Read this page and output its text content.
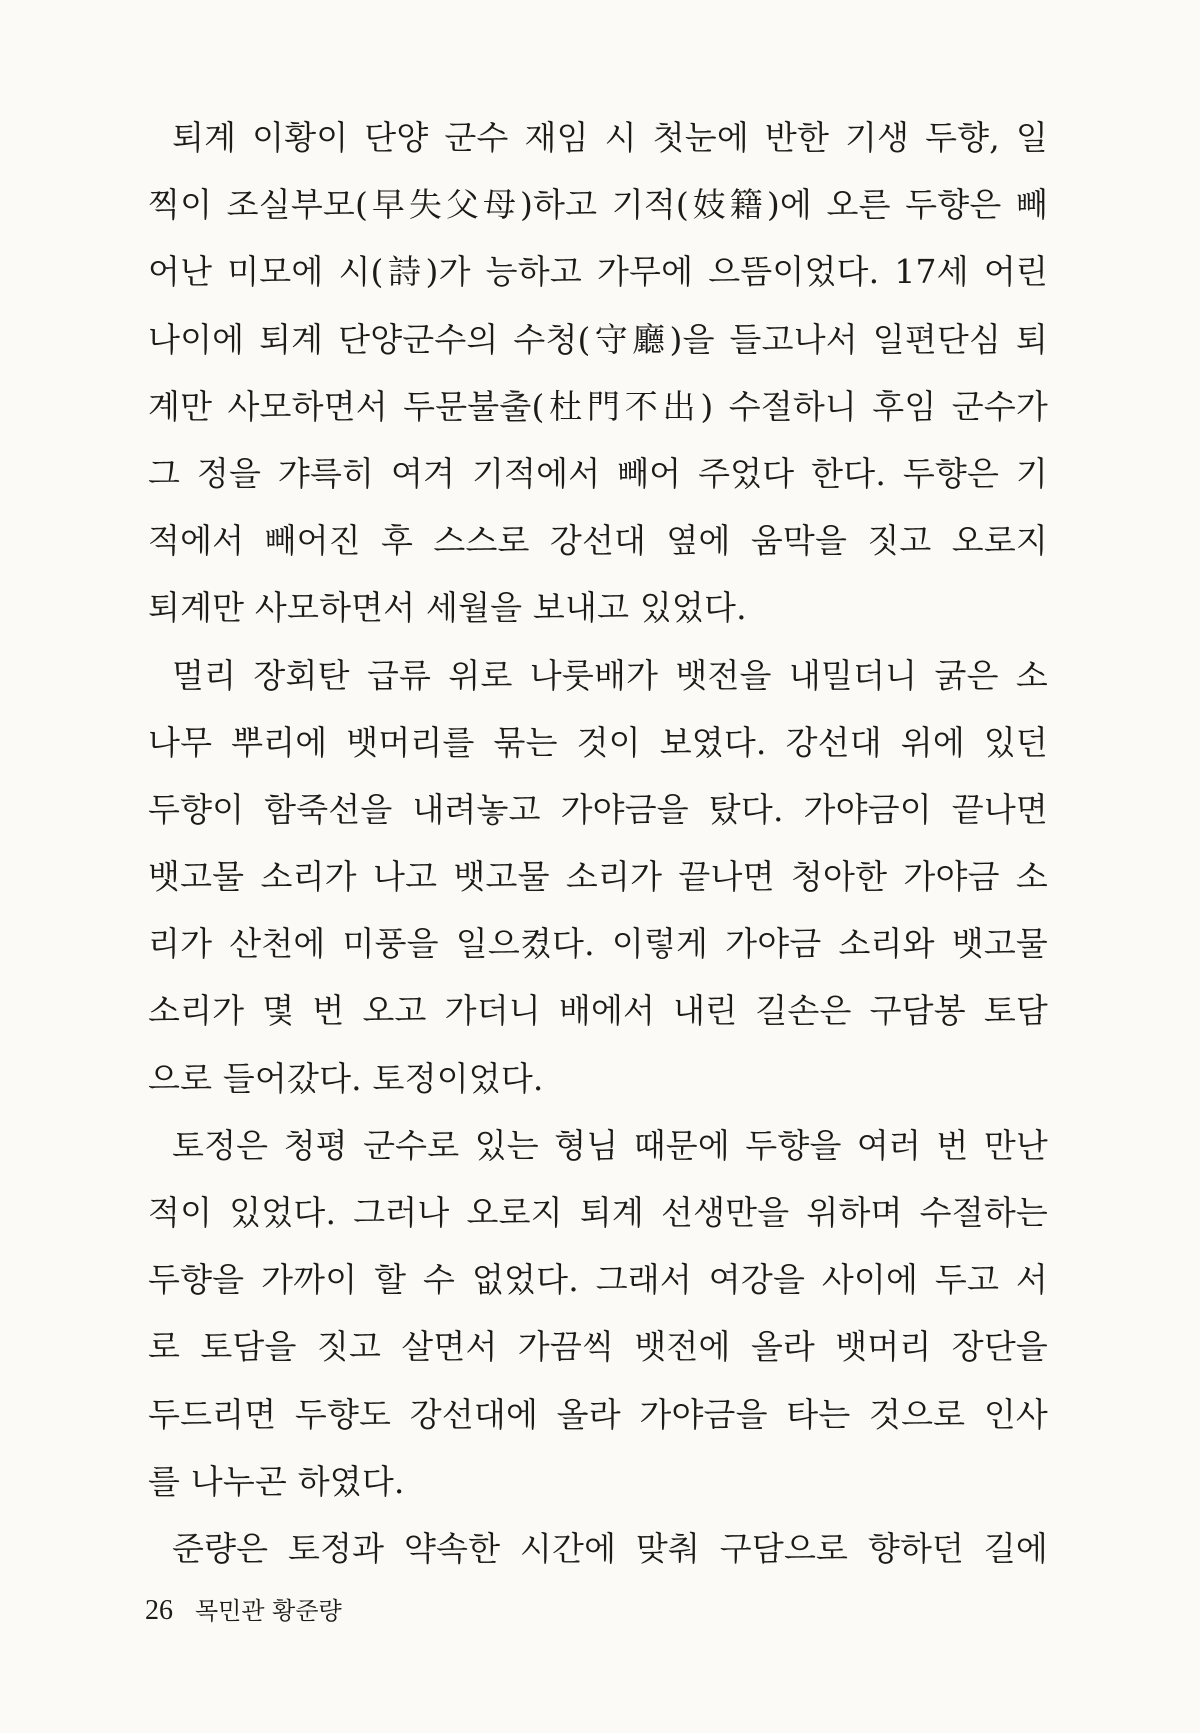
퇴계 이황이 단양 군수 재임 시 첫눈에 반한 기생 두향, 일
찍이 조실부모(早失父母)하고 기적(妓籍)에 오른 두향은 빼
어난 미모에 시(詩)가 능하고 가무에 으뜸이었다. 17세 어린
나이에 퇴계 단양군수의 수청(守廳)을 들고나서 일편단심 퇴
계만 사모하면서 두문불출(杜門不出) 수절하니 후임 군수가
그 정을 갸륵히 여겨 기적에서 빼어 주었다 한다. 두향은 기
적에서 빼어진 후 스스로 강선대 옆에 움막을 짓고 오로지
퇴계만 사모하면서 세월을 보내고 있었다.

멀리 장회탄 급류 위로 나룻배가 뱃전을 내밀더니 굵은 소
나무 뿌리에 뱃머리를 묶는 것이 보였다. 강선대 위에 있던
두향이 함죽선을 내려놓고 가야금을 탔다. 가야금이 끝나면
뱃고물 소리가 나고 뱃고물 소리가 끝나면 청아한 가야금 소
리가 산천에 미풍을 일으켰다. 이렇게 가야금 소리와 뱃고물
소리가 몇 번 오고 가더니 배에서 내린 길손은 구담봉 토담
으로 들어갔다. 토정이었다.

토정은 청평 군수로 있는 형님 때문에 두향을 여러 번 만난
적이 있었다. 그러나 오로지 퇴계 선생만을 위하며 수절하는
두향을 가까이 할 수 없었다. 그래서 여강을 사이에 두고 서
로 토담을 짓고 살면서 가끔씩 뱃전에 올라 뱃머리 장단을
두드리면 두향도 강선대에 올라 가야금을 타는 것으로 인사
를 나누곤 하였다.

준량은 토정과 약속한 시간에 맞춰 구담으로 향하던 길에

26 목민관 황준량
